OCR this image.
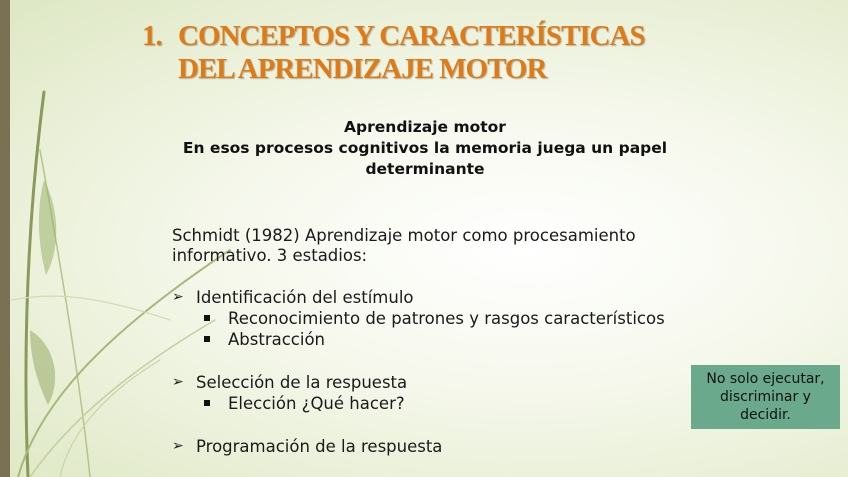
1. CONCEPTOS Y CARACTERÍSTICAS
DEL APRENDIZAJE MOTOR
Aprendizaje motor
En esos procesos cognitivos la memoria juega un papel
determinante
Schmidt (1982) Aprendizaje motor como procesamiento
informativo. 3 estadios:
➢ Identificación del estímulo
Reconocimiento de patrones y rasgos característicos
Abstracción
➢ Selección de la respuesta
Elección ¿Qué hacer?
➢ Programación de la respuesta
No solo ejecutar,
discriminar y
decidir.
